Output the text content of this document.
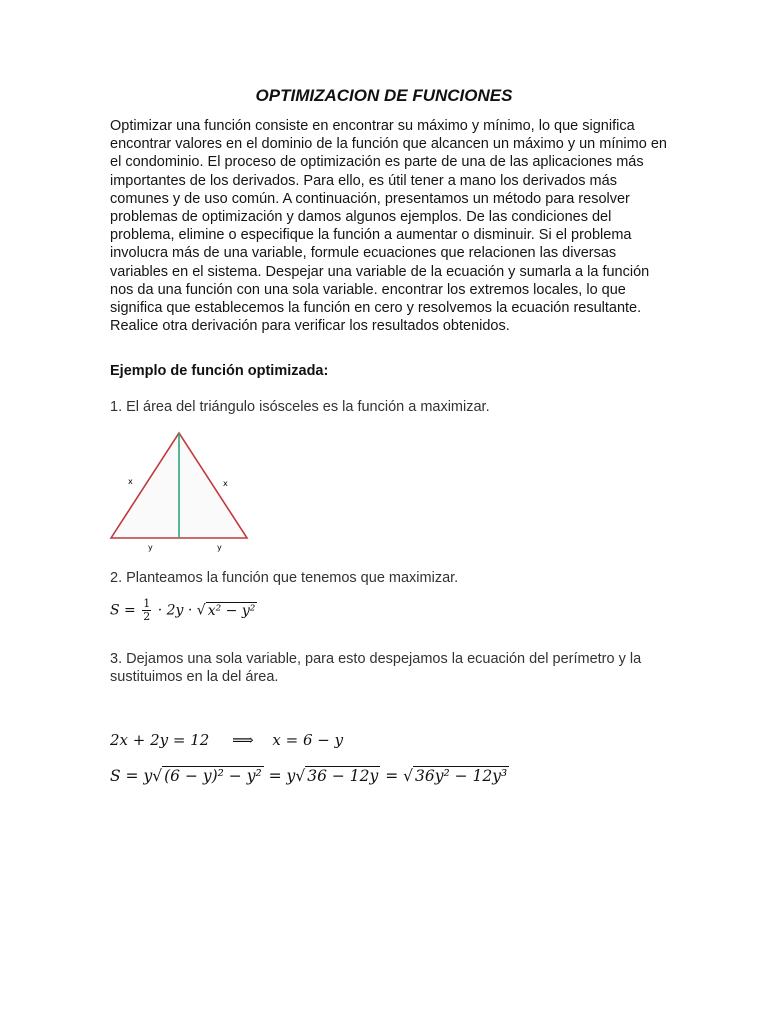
OPTIMIZACION DE FUNCIONES

Optimizar una función consiste en encontrar su máximo y mínimo, lo que significa encontrar valores en el dominio de la función que alcancen un máximo y un mínimo en el condominio. El proceso de optimización es parte de una de las aplicaciones más importantes de los derivados. Para ello, es útil tener a mano los derivados más comunes y de uso común. A continuación, presentamos un método para resolver problemas de optimización y damos algunos ejemplos. De las condiciones del problema, elimine o especifique la función a aumentar o disminuir. Si el problema involucra más de una variable, formule ecuaciones que relacionen las diversas variables en el sistema. Despejar una variable de la ecuación y sumarla a la función nos da una función con una sola variable. encontrar los extremos locales, lo que significa que establecemos la función en cero y resolvemos la ecuación resultante. Realice otra derivación para verificar los resultados obtenidos.

Ejemplo de función optimizada:

1. El área del triángulo isósceles es la función a maximizar.

x	x
y	y

2. Planteamos la función que tenemos que maximizar.

$S = \frac{1}{2} \cdot 2y$ · √ x² − y²

3. Dejamos una sola variable, para esto despejamos la ecuación del perímetro y la sustituimos en la del área.

2x + 2y = 12 ⟹ x = 6 − y
S = y√ (6 − y)² − y² = y√ 36 − 12y = √ 36y² − 12y³
